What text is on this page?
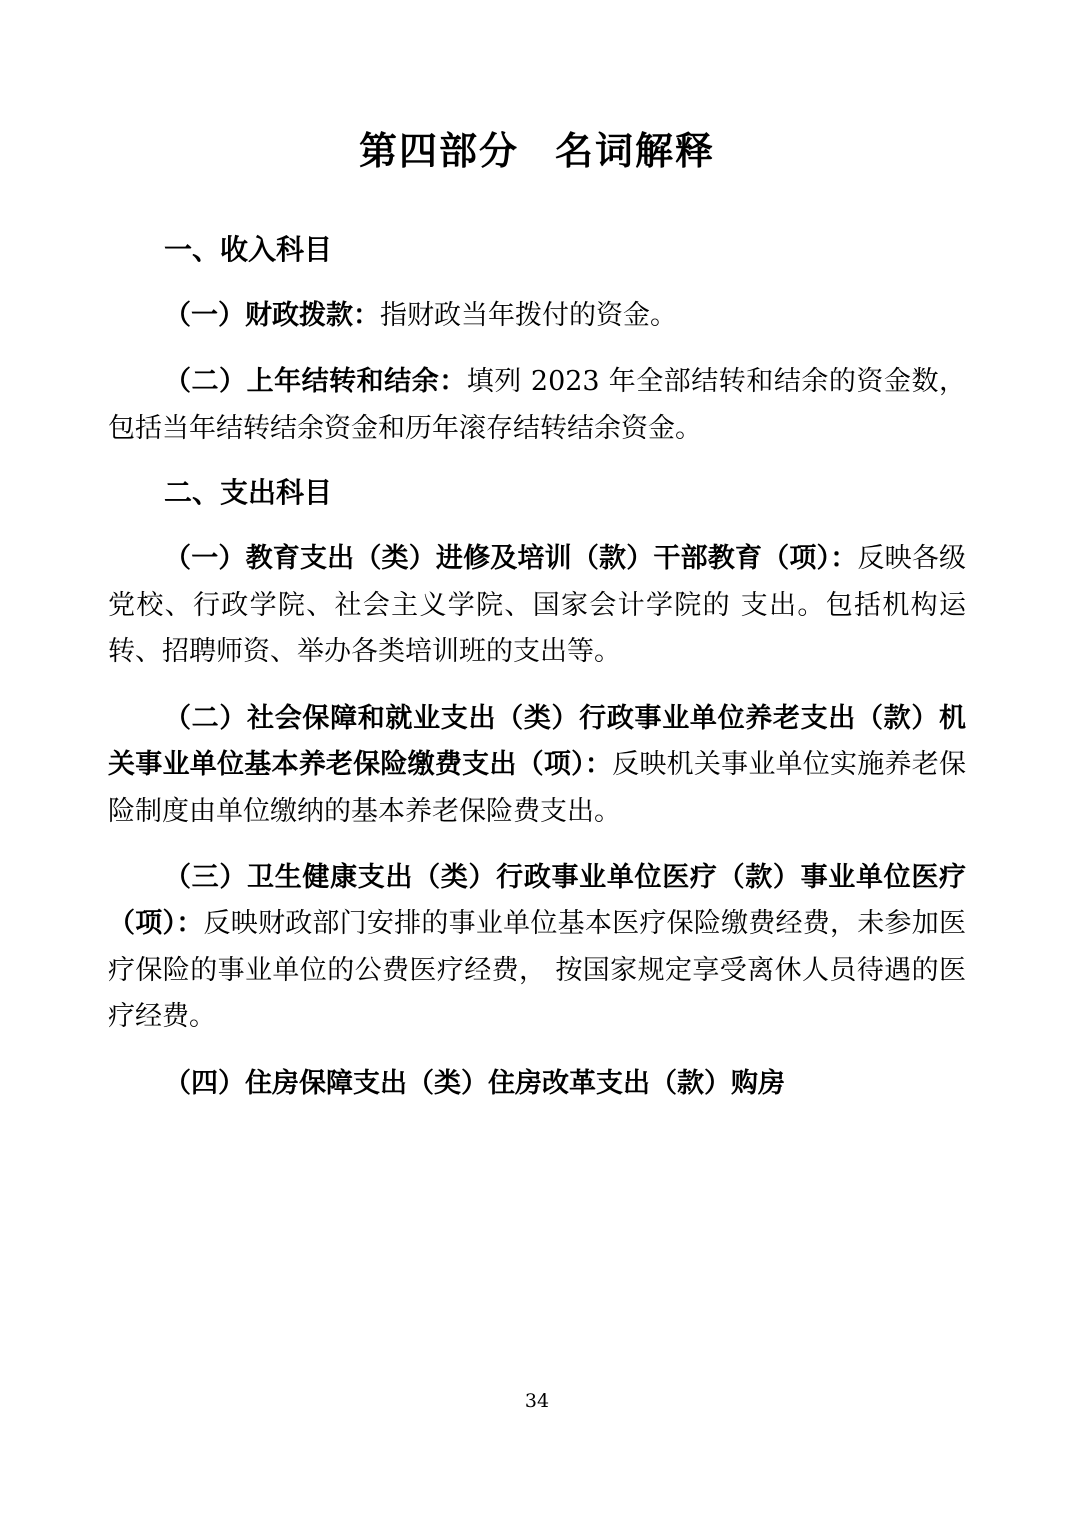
第四部分 名词解释
一、收入科目

（一）财政拨款：指财政当年拨付的资金。

（二）上年结转和结余：填列 2023 年全部结转和结余的资金数，包括当年结转结余资金和历年滚存结转结余资金。

二、支出科目

（一）教育支出（类）进修及培训（款）干部教育（项）：反映各级党校、行政学院、社会主义学院、国家会计学院的 支出。包括机构运转、招聘师资、举办各类培训班的支出等。

（二）社会保障和就业支出（类）行政事业单位养老支出（款）机关事业单位基本养老保险缴费支出（项）：反映机关事业单位实施养老保险制度由单位缴纳的基本养老保险费支出。

（三）卫生健康支出（类）行政事业单位医疗（款）事业单位医疗（项）：反映财政部门安排的事业单位基本医疗保险缴费经费，未参加医疗保险的事业单位的公费医疗经费， 按国家规定享受离休人员待遇的医疗经费。

（四）住房保障支出（类）住房改革支出（款）购房

34
